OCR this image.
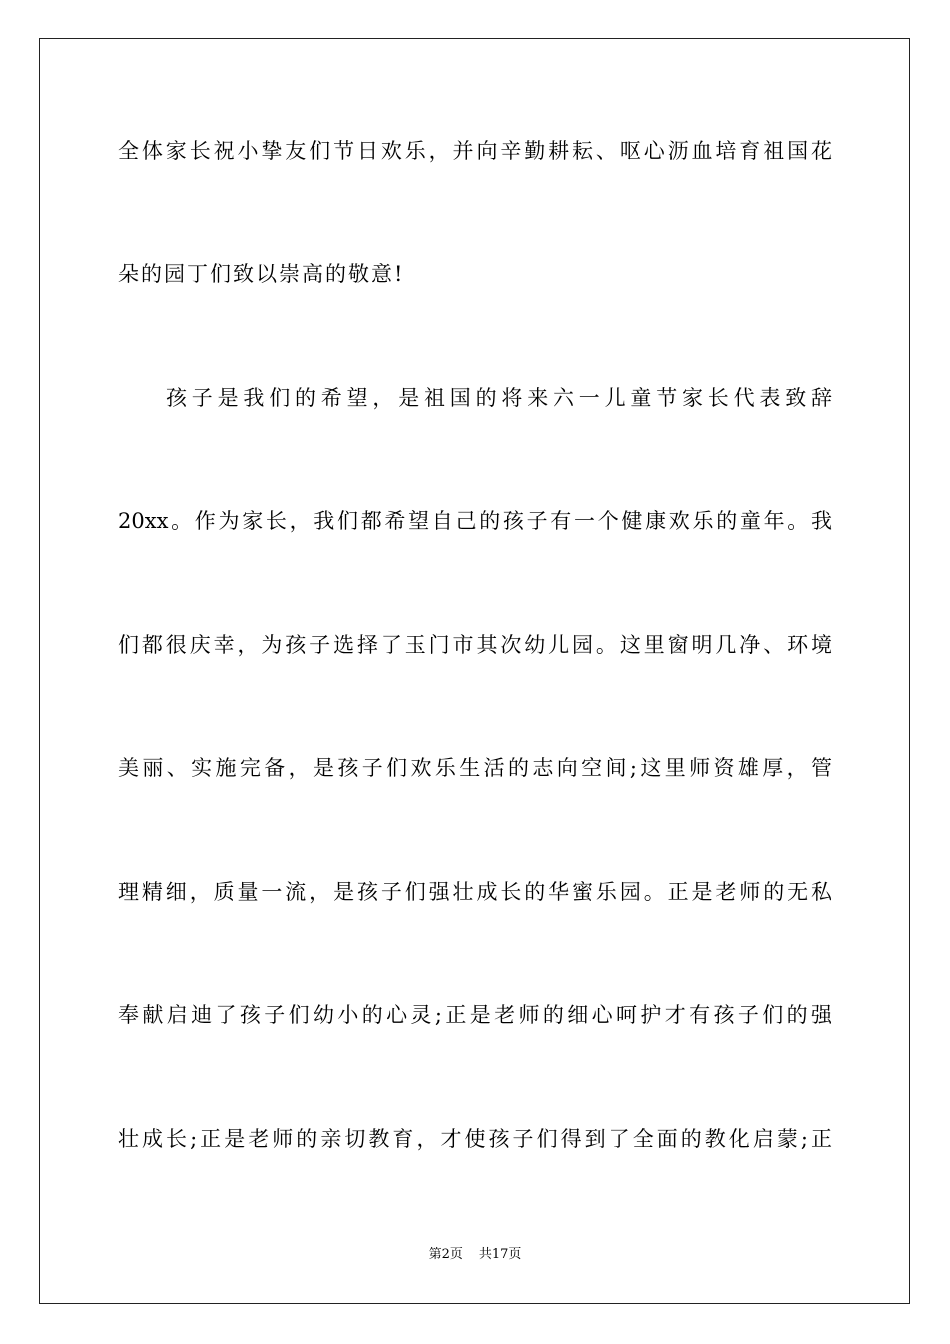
全体家长祝小挚友们节日欢乐，并向辛勤耕耘、呕心沥血培育祖国花
朵的园丁们致以崇高的敬意!
孩子是我们的希望，是祖国的将来六一儿童节家长代表致辞
20xx。作为家长，我们都希望自己的孩子有一个健康欢乐的童年。我
们都很庆幸，为孩子选择了玉门市其次幼儿园。这里窗明几净、环境
美丽、实施完备，是孩子们欢乐生活的志向空间;这里师资雄厚，管
理精细，质量一流，是孩子们强壮成长的华蜜乐园。正是老师的无私
奉献启迪了孩子们幼小的心灵;正是老师的细心呵护才有孩子们的强
壮成长;正是老师的亲切教育，才使孩子们得到了全面的教化启蒙;正
第2页 共17页
